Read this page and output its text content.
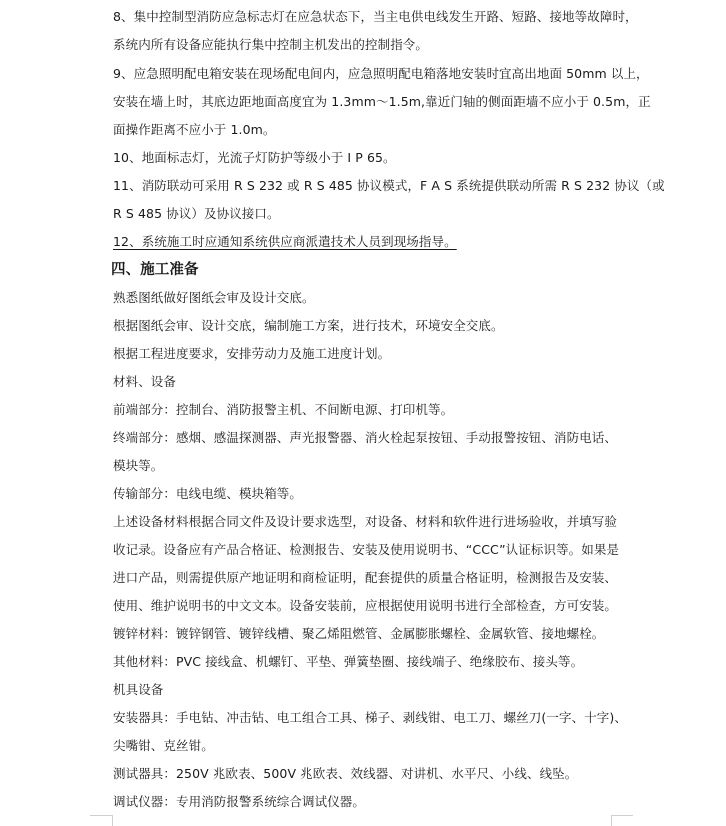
8、集中控制型消防应急标志灯在应急状态下，当主电供电线发生开路、短路、接地等故障时，
系统内所有设备应能执行集中控制主机发出的控制指令。
9、应急照明配电箱安装在现场配电间内，应急照明配电箱落地安装时宜高出地面 50mm 以上，
安装在墙上时，其底边距地面高度宜为 1.3mm～1.5m,靠近门轴的侧面距墙不应小于 0.5m，正
面操作距离不应小于 1.0m。
10、地面标志灯，光流子灯防护等级小于 I P 65。
11、消防联动可采用 R S 232 或 R S 485 协议模式，F A S 系统提供联动所需 R S 232 协议（或
R S 485 协议）及协议接口。
12、系统施工时应通知系统供应商派遣技术人员到现场指导。
四、施工准备
熟悉图纸做好图纸会审及设计交底。
根据图纸会审、设计交底，编制施工方案，进行技术，环境安全交底。
根据工程进度要求，安排劳动力及施工进度计划。
材料、设备
前端部分：控制台、消防报警主机、不间断电源、打印机等。
终端部分：感烟、感温探测器、声光报警器、消火栓起泵按钮、手动报警按钮、消防电话、
模块等。
传输部分：电线电缆、模块箱等。
上述设备材料根据合同文件及设计要求选型，对设备、材料和软件进行进场验收，并填写验
收记录。设备应有产品合格证、检测报告、安装及使用说明书、“CCC”认证标识等。如果是
进口产品，则需提供原产地证明和商检证明，配套提供的质量合格证明，检测报告及安装、
使用、维护说明书的中文文本。设备安装前，应根据使用说明书进行全部检查，方可安装。
镀锌材料：镀锌钢管、镀锌线槽、聚乙烯阻燃管、金属膨胀螺栓、金属软管、接地螺栓。
其他材料：PVC 接线盒、机螺钉、平垫、弹簧垫圈、接线端子、绝缘胶布、接头等。
机具设备
安装器具：手电钻、冲击钻、电工组合工具、梯子、剥线钳、电工刀、螺丝刀(一字、十字)、
尖嘴钳、克丝钳。
测试器具：250V 兆欧表、500V 兆欧表、效线器、对讲机、水平尺、小线、线坠。
调试仪器：专用消防报警系统综合调试仪器。
